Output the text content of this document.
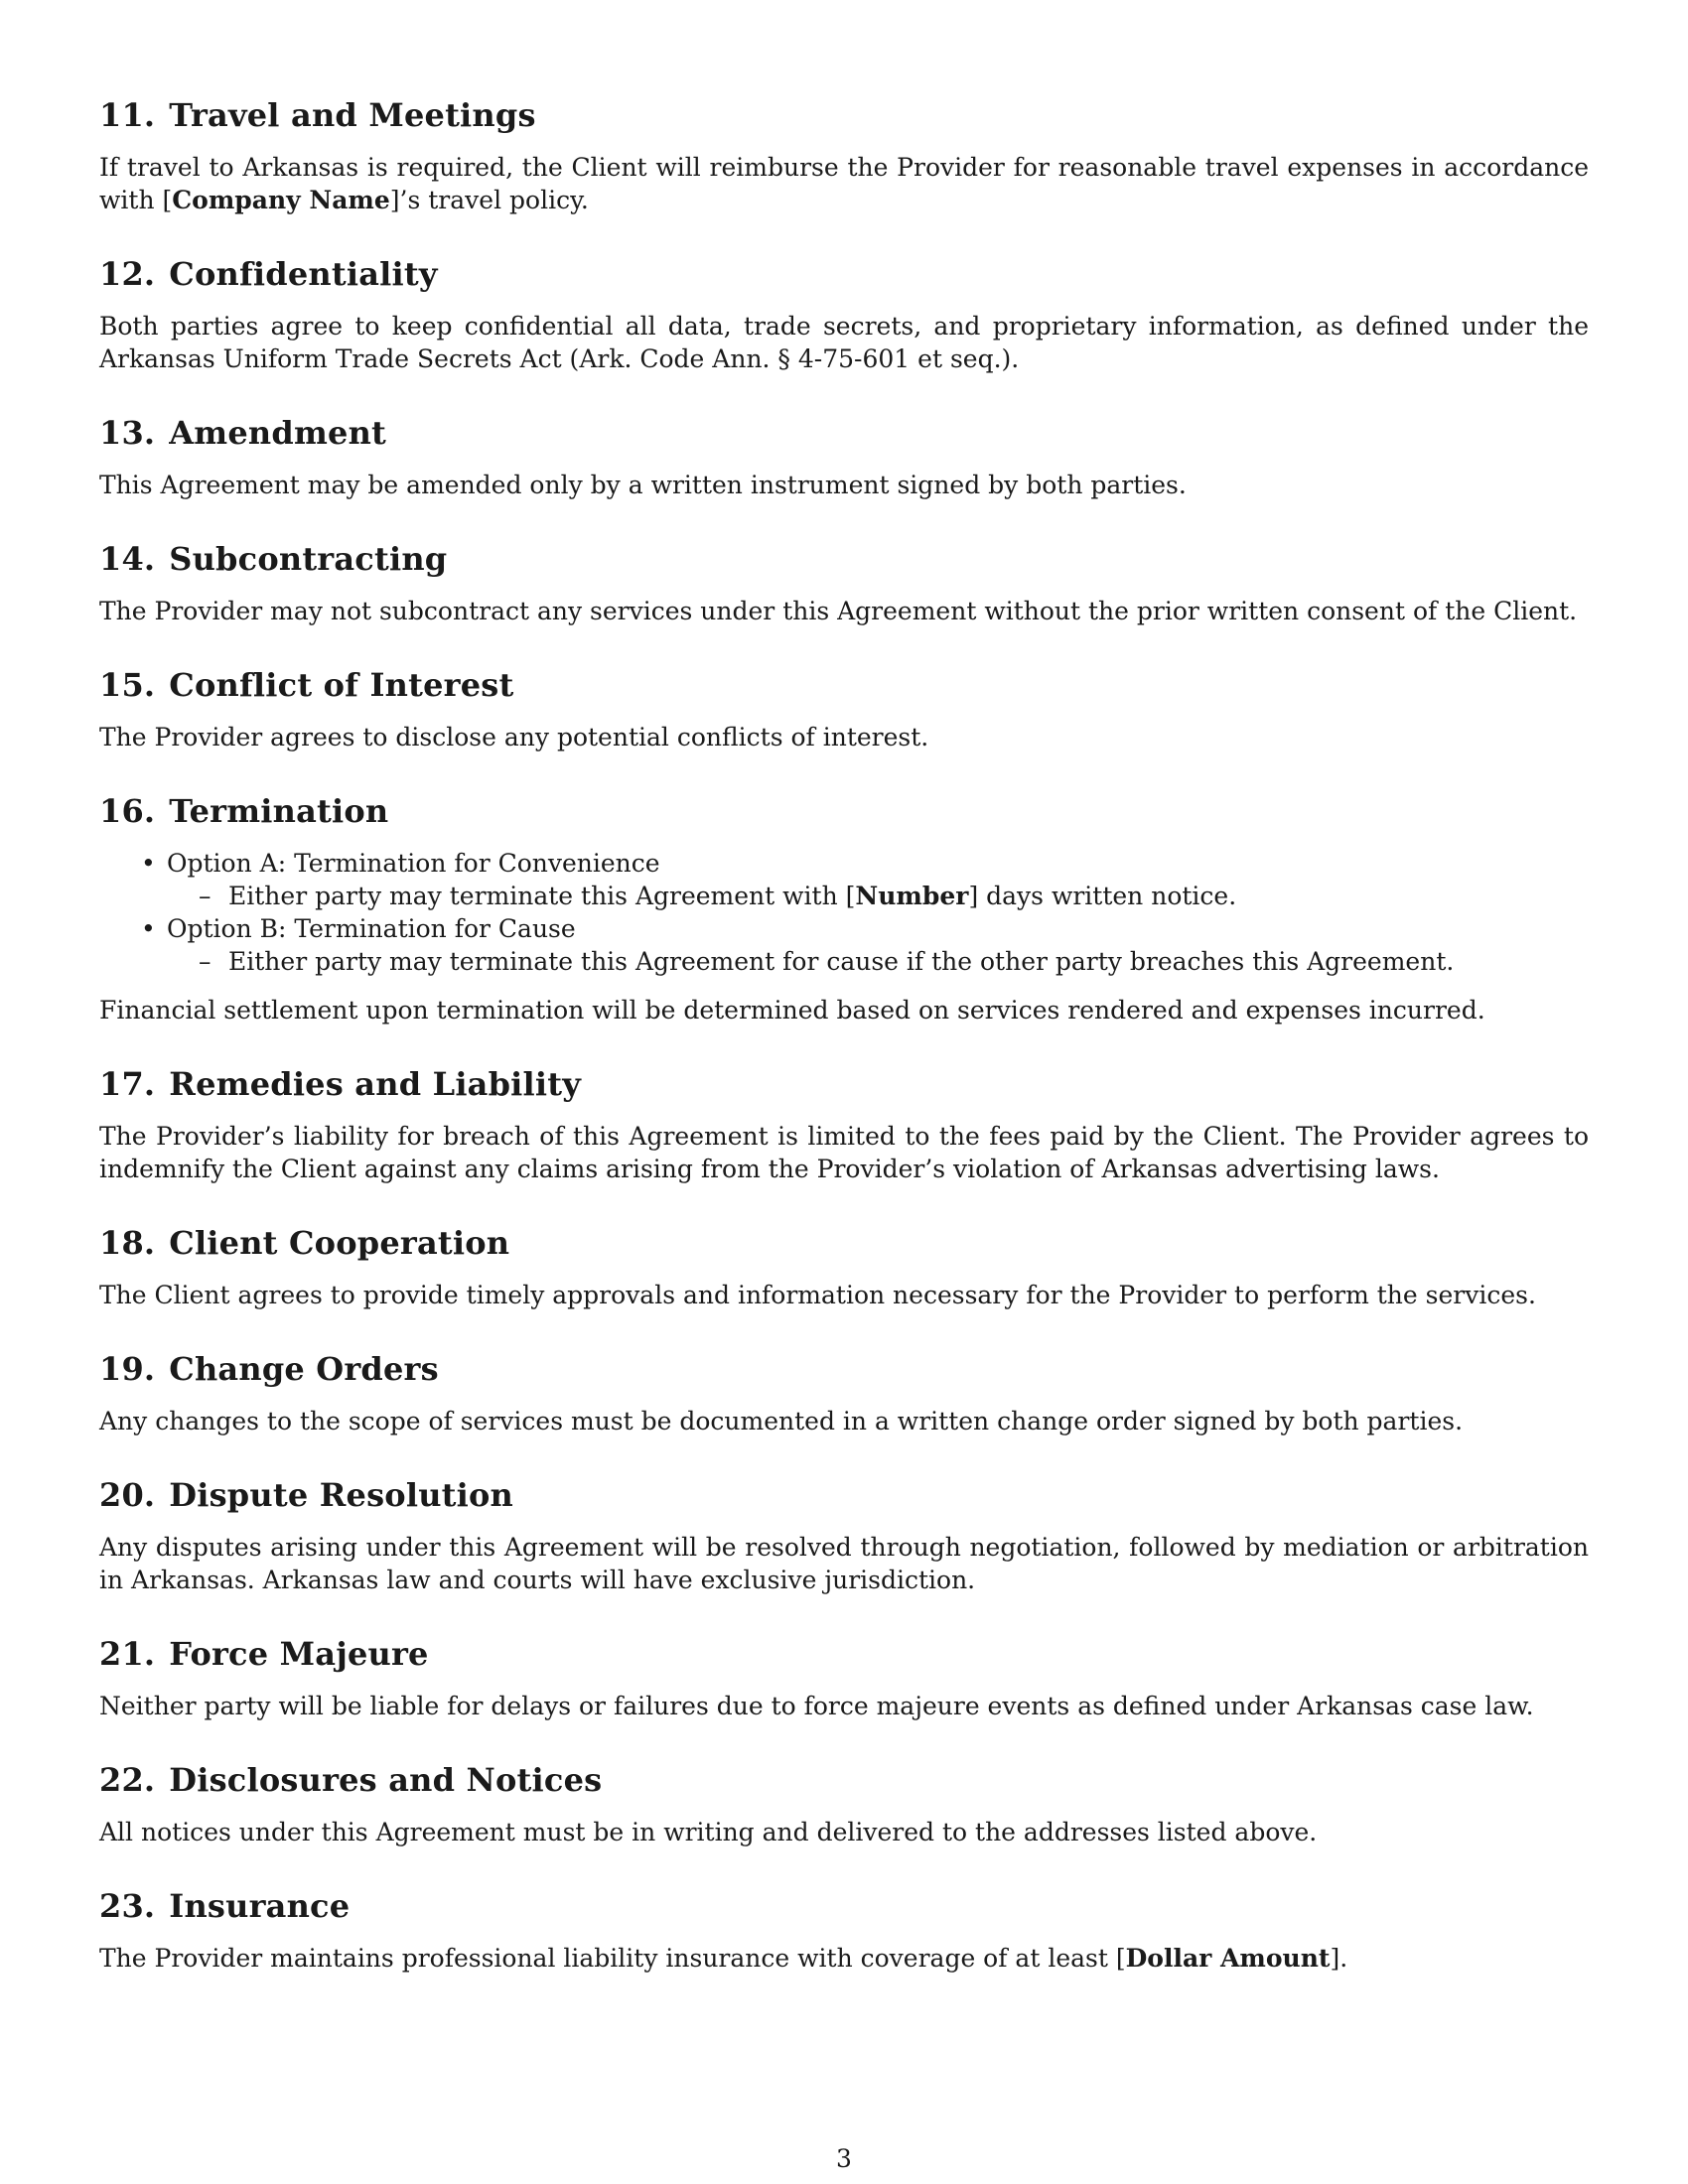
11. Travel and Meetings

If travel to Arkansas is required, the Client will reimburse the Provider for reasonable travel expenses in accordance with [Company Name]’s travel policy.

12. Confidentiality

Both parties agree to keep confidential all data, trade secrets, and proprietary information, as defined under the Arkansas Uniform Trade Secrets Act (Ark. Code Ann. § 4-75-601 et seq.).

13. Amendment

This Agreement may be amended only by a written instrument signed by both parties.

14. Subcontracting

The Provider may not subcontract any services under this Agreement without the prior written consent of the Client.

15. Conflict of Interest

The Provider agrees to disclose any potential conflicts of interest.

16. Termination
• Option A: Termination for Convenience
– Either party may terminate this Agreement with [Number] days written notice.
• Option B: Termination for Cause
– Either party may terminate this Agreement for cause if the other party breaches this Agreement.

Financial settlement upon termination will be determined based on services rendered and expenses incurred.

17. Remedies and Liability

The Provider’s liability for breach of this Agreement is limited to the fees paid by the Client. The Provider agrees to indemnify the Client against any claims arising from the Provider’s violation of Arkansas advertising laws.

18. Client Cooperation

The Client agrees to provide timely approvals and information necessary for the Provider to perform the services.

19. Change Orders

Any changes to the scope of services must be documented in a written change order signed by both parties.

20. Dispute Resolution

Any disputes arising under this Agreement will be resolved through negotiation, followed by mediation or arbitration in Arkansas. Arkansas law and courts will have exclusive jurisdiction.

21. Force Majeure

Neither party will be liable for delays or failures due to force majeure events as defined under Arkansas case law.

22. Disclosures and Notices

All notices under this Agreement must be in writing and delivered to the addresses listed above.

23. Insurance

The Provider maintains professional liability insurance with coverage of at least [Dollar Amount].

3
